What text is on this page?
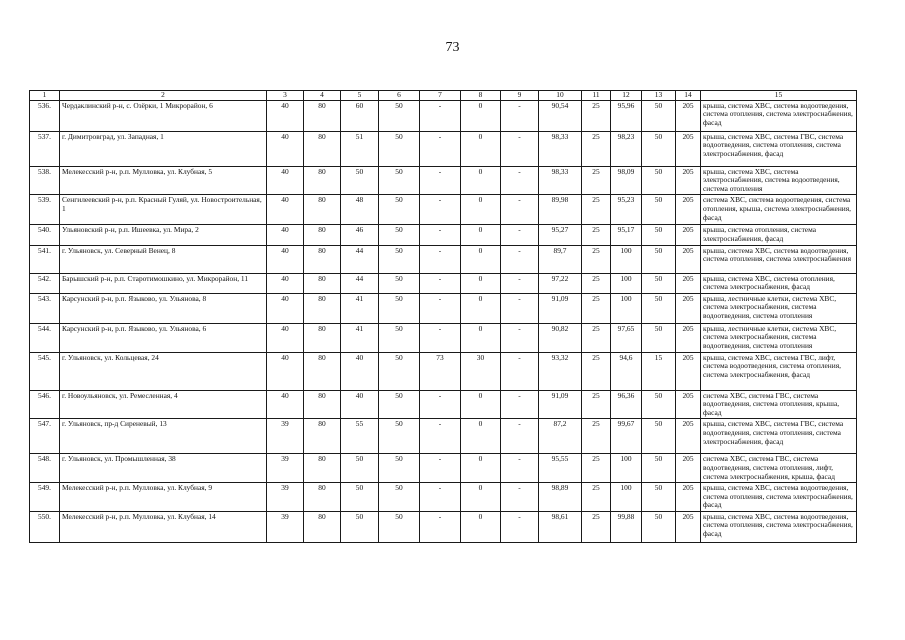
73
1	2	3	4	5	6	7	8	9	10	11	12	13	14	15
536.	Чердаклинский р-н, с. Озёрки, 1 Микрорайон, 6	40	80	60	50	-	0	-	90,54	25	95,96	50	205	крыша, система ХВС, система водоотведения, система отопления, система электроснабжения, фасад
537.	г. Димитровград, ул. Западная, 1	40	80	51	50	-	0	-	98,33	25	98,23	50	205	крыша, система ХВС, система ГВС, система водоотведения, система отопления, система электроснабжения, фасад
538.	Мелекесский р-н, р.п. Мулловка, ул. Клубная, 5	40	80	50	50	-	0	-	98,33	25	98,09	50	205	крыша, система ХВС, система электроснабжения, система водоотведения, система отопления
539.	Сенгилеевский р-н, р.п. Красный Гуляй, ул. Новостроительная, 1	40	80	48	50	-	0	-	89,98	25	95,23	50	205	система ХВС, система водоотведения, система отопления, крыша, система электроснабжения, фасад
540.	Ульяновский р-н, р.п. Ишеевка, ул. Мира, 2	40	80	46	50	-	0	-	95,27	25	95,17	50	205	крыша, система отопления, система электроснабжения, фасад
541.	г. Ульяновск, ул. Северный Венец, 8	40	80	44	50	-	0	-	89,7	25	100	50	205	крыша, система ХВС, система водоотведения, система отопления, система электроснабжения
542.	Барышский р-н, р.п. Старотимошкино, ул. Микрорайон, 11	40	80	44	50	-	0	-	97,22	25	100	50	205	крыша, система ХВС, система отопления, система электроснабжения, фасад
543.	Карсунский р-н, р.п. Языково, ул. Ульянова, 8	40	80	41	50	-	0	-	91,09	25	100	50	205	крыша, лестничные клетки, система ХВС, система электроснабжения, система водоотведения, система отопления
544.	Карсунский р-н, р.п. Языково, ул. Ульянова, 6	40	80	41	50	-	0	-	90,82	25	97,65	50	205	крыша, лестничные клетки, система ХВС, система электроснабжения, система водоотведения, система отопления
545.	г. Ульяновск, ул. Кольцевая, 24	40	80	40	50	73	30	-	93,32	25	94,6	15	205	крыша, система ХВС, система ГВС, лифт, система водоотведения, система отопления, система электроснабжения, фасад
546.	г. Новоульяновск, ул. Ремесленная, 4	40	80	40	50	-	0	-	91,09	25	96,36	50	205	система ХВС, система ГВС, система водоотведения, система отопления, крыша, фасад
547.	г. Ульяновск, пр-д Сиреневый, 13	39	80	55	50	-	0	-	87,2	25	99,67	50	205	крыша, система ХВС, система ГВС, система водоотведения, система отопления, система электроснабжения, фасад
548.	г. Ульяновск, ул. Промышленная, 38	39	80	50	50	-	0	-	95,55	25	100	50	205	система ХВС, система ГВС, система водоотведения, система отопления, лифт, система электроснабжения, крыша, фасад
549.	Мелекесский р-н, р.п. Мулловка, ул. Клубная, 9	39	80	50	50	-	0	-	98,89	25	100	50	205	крыша, система ХВС, система водоотведения, система отопления, система электроснабжения, фасад
550.	Мелекесский р-н, р.п. Мулловка, ул. Клубная, 14	39	80	50	50	-	0	-	98,61	25	99,88	50	205	крыша, система ХВС, система водоотведения, система отопления, система электроснабжения, фасад
